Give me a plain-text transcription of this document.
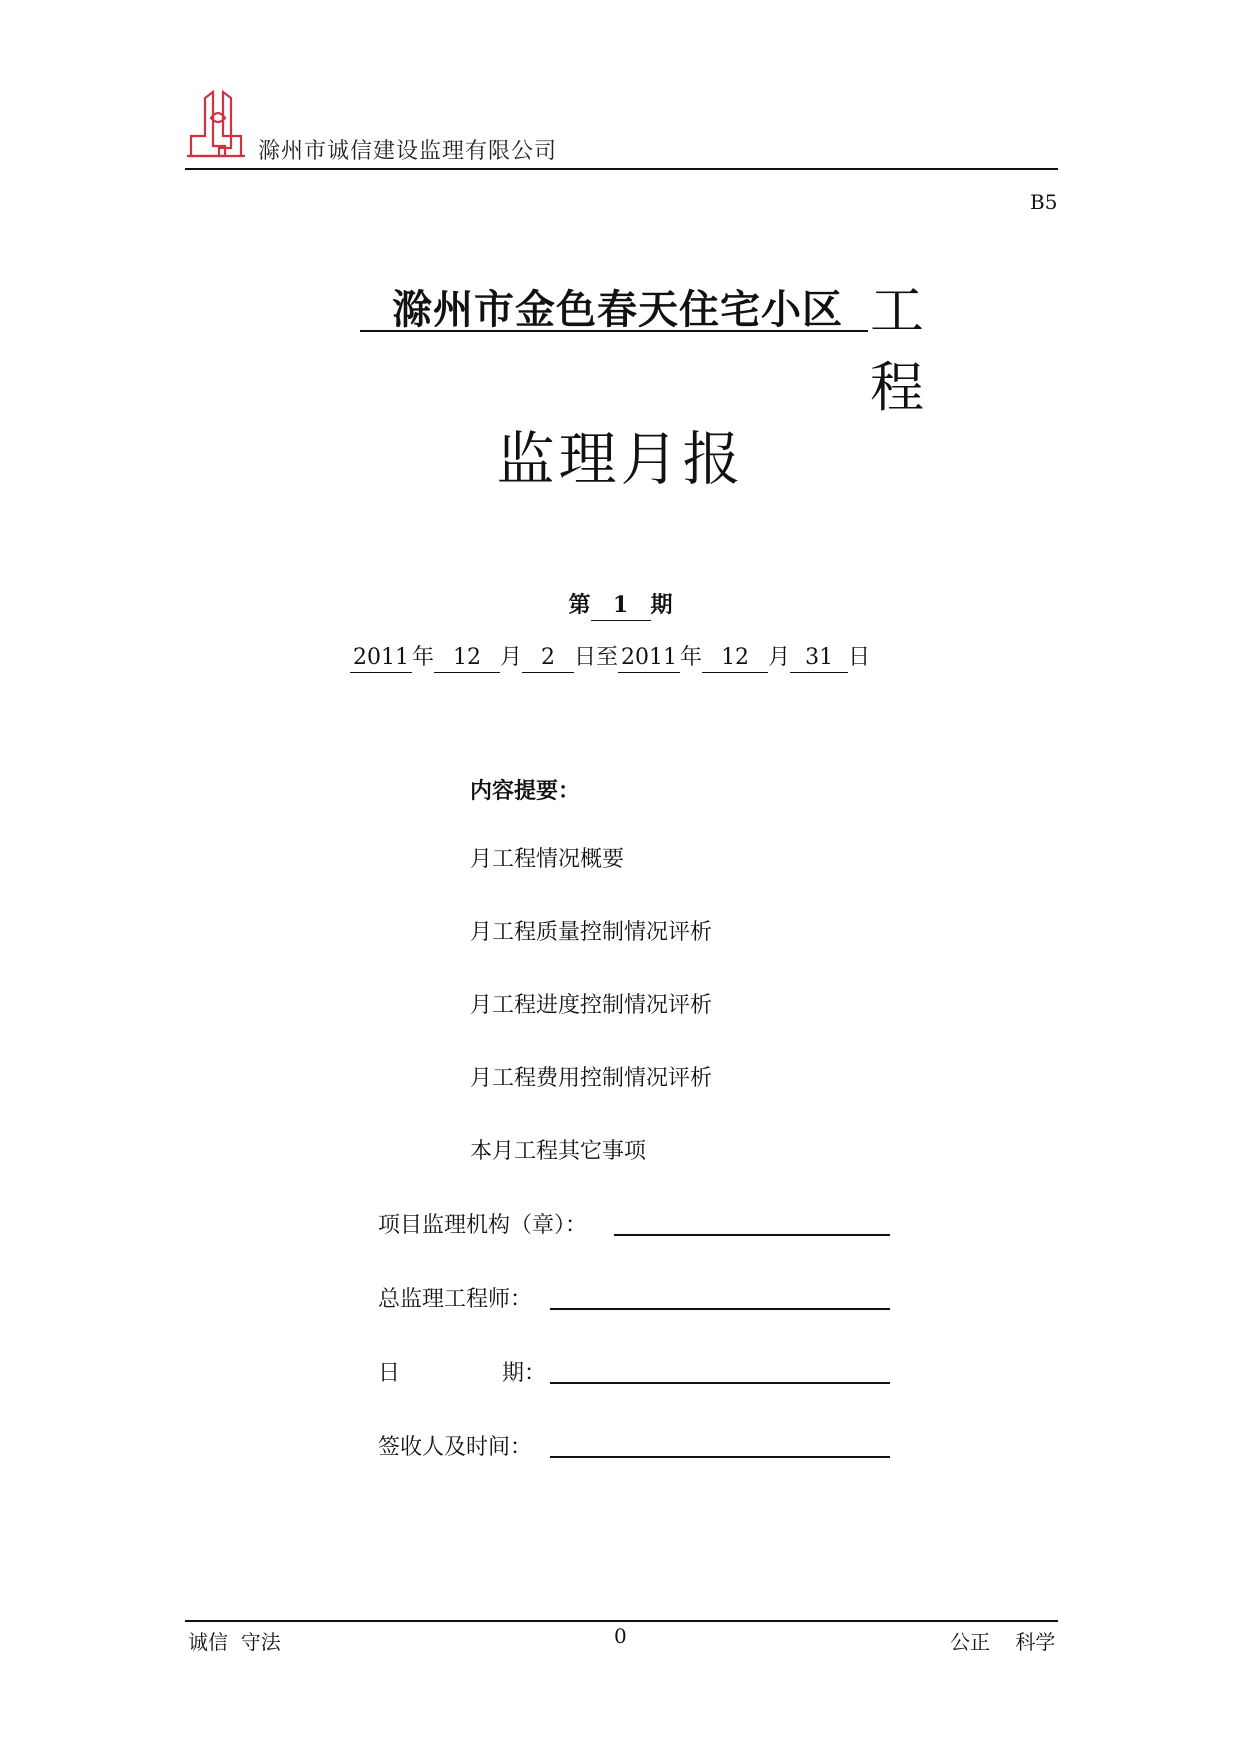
滁州市诚信建设监理有限公司
B5
滁州市金色春天住宅小区 工程
监理月报
第 1 期
2011 年 12 月 2 日至 2011 年 12 月 31 日
内容提要：
月工程情况概要
月工程质量控制情况评析
月工程进度控制情况评析
月工程费用控制情况评析
本月工程其它事项
项目监理机构（章）：
总监理工程师：
日	期：
签收人及时间：
诚信  守法	0	公正    科学
